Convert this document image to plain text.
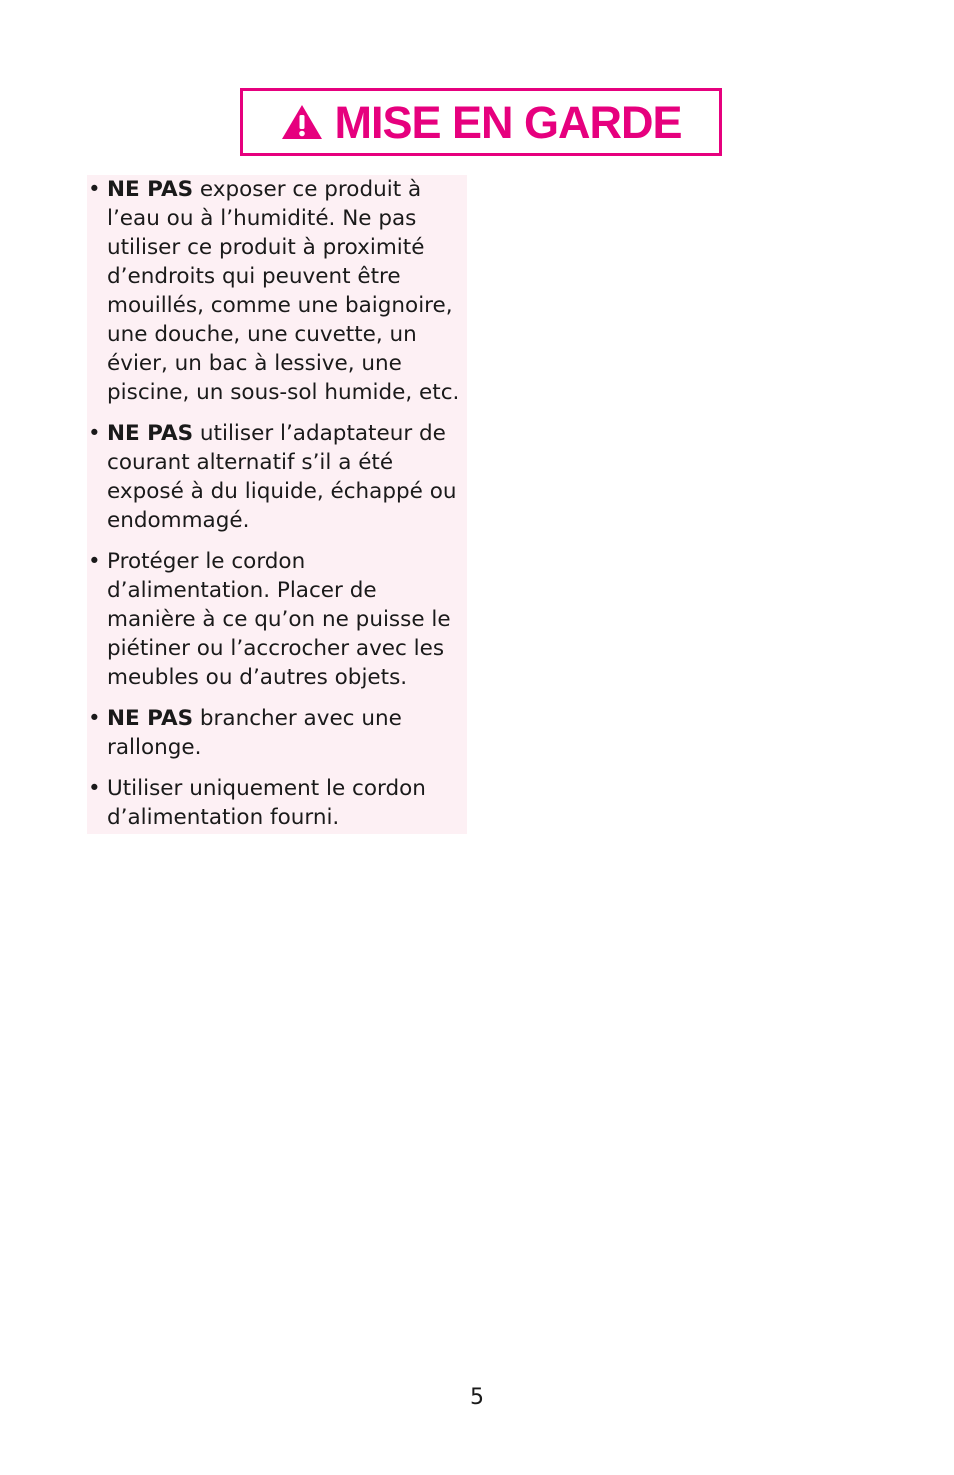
MISE EN GARDE
• NE PAS exposer ce produit à
l’eau ou à l’humidité. Ne pas
utiliser ce produit à proximité
d’endroits qui peuvent être
mouillés, comme une baignoire,
une douche, une cuvette, un
évier, un bac à lessive, une
piscine, un sous-sol humide, etc.
• NE PAS utiliser l’adaptateur de
courant alternatif s’il a été
exposé à du liquide, échappé ou
endommagé.
• Protéger le cordon
d’alimentation. Placer de
manière à ce qu’on ne puisse le
piétiner ou l’accrocher avec les
meubles ou d’autres objets.
• NE PAS brancher avec une
rallonge.
• Utiliser uniquement le cordon
d’alimentation fourni.
5
